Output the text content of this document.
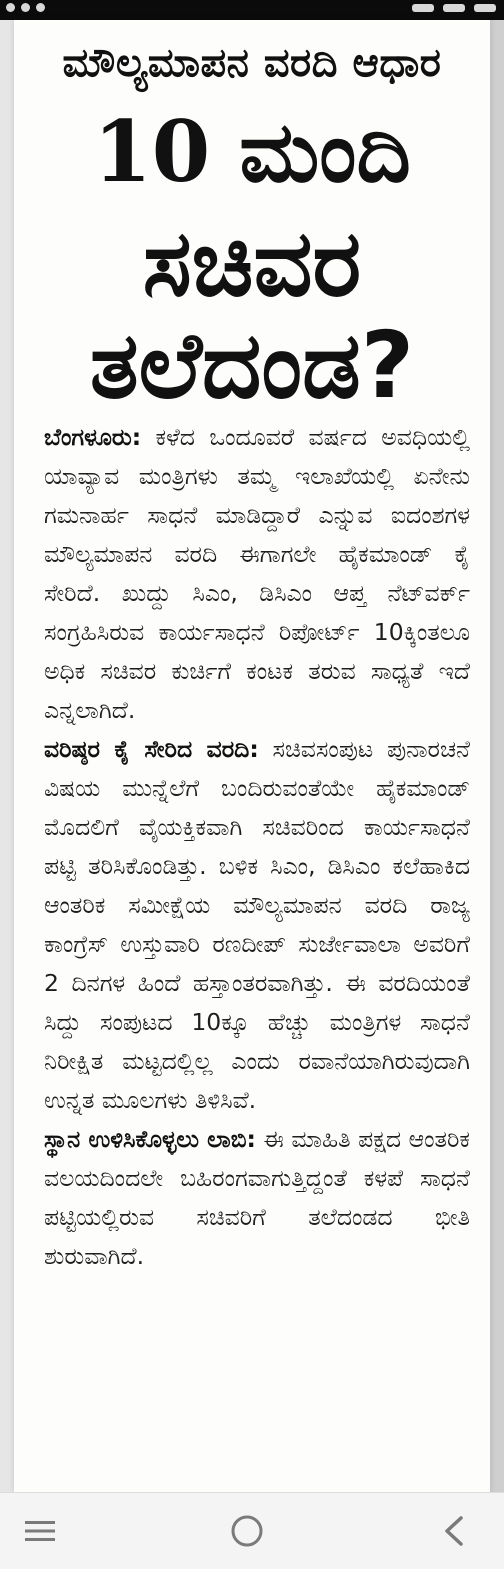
ಮೌಲ್ಯಮಾಪನ ವರದಿ ಆಧಾರ
10 ಮಂದಿ
ಸಚಿವರ
ತಲೆದಂಡ?

ಬೆಂಗಳೂರು: ಕಳೆದ ಒಂದೂವರೆ ವರ್ಷದ ಅವಧಿಯಲ್ಲಿ ಯಾವ್ಯಾವ ಮಂತ್ರಿಗಳು ತಮ್ಮ ಇಲಾಖೆಯಲ್ಲಿ ಏನೇನು ಗಮನಾರ್ಹ ಸಾಧನೆ ಮಾಡಿದ್ದಾರೆ ಎನ್ನುವ ಐದಂಶಗಳ ಮೌಲ್ಯಮಾಪನ ವರದಿ ಈಗಾಗಲೇ ಹೈಕಮಾಂಡ್ ಕೈ ಸೇರಿದೆ. ಖುದ್ದು ಸಿಎಂ, ಡಿಸಿಎಂ ಆಪ್ತ ನೆಟ್‌ವರ್ಕ್ ಸಂಗ್ರಹಿಸಿರುವ ಕಾರ್ಯಸಾಧನೆ ರಿಪೋರ್ಟ್ 10ಕ್ಕಿಂತಲೂ ಅಧಿಕ ಸಚಿವರ ಕುರ್ಚಿಗೆ ಕಂಟಕ ತರುವ ಸಾಧ್ಯತೆ ಇದೆ ಎನ್ನಲಾಗಿದೆ.

ವರಿಷ್ಠರ ಕೈ ಸೇರಿದ ವರದಿ: ಸಚಿವಸಂಪುಟ ಪುನಾರಚನೆ ವಿಷಯ ಮುನ್ನೆಲೆಗೆ ಬಂದಿರುವಂತೆಯೇ ಹೈಕಮಾಂಡ್ ಮೊದಲಿಗೆ ವೈಯಕ್ತಿಕವಾಗಿ ಸಚಿವರಿಂದ ಕಾರ್ಯಸಾಧನೆ ಪಟ್ಟಿ ತರಿಸಿಕೊಂಡಿತ್ತು. ಬಳಿಕ ಸಿಎಂ, ಡಿಸಿಎಂ ಕಲೆಹಾಕಿದ ಆಂತರಿಕ ಸಮೀಕ್ಷೆಯ ಮೌಲ್ಯಮಾಪನ ವರದಿ ರಾಜ್ಯ ಕಾಂಗ್ರೆಸ್ ಉಸ್ತುವಾರಿ ರಣದೀಪ್ ಸುರ್ಜೇವಾಲಾ ಅವರಿಗೆ 2 ದಿನಗಳ ಹಿಂದೆ ಹಸ್ತಾಂತರವಾಗಿತ್ತು. ಈ ವರದಿಯಂತೆ ಸಿದ್ದು ಸಂಪುಟದ 10ಕ್ಕೂ ಹೆಚ್ಚು ಮಂತ್ರಿಗಳ ಸಾಧನೆ ನಿರೀಕ್ಷಿತ ಮಟ್ಟದಲ್ಲಿಲ್ಲ ಎಂದು ರವಾನೆಯಾಗಿರುವುದಾಗಿ ಉನ್ನತ ಮೂಲಗಳು ತಿಳಿಸಿವೆ.

ಸ್ಥಾನ ಉಳಿಸಿಕೊಳ್ಳಲು ಲಾಬಿ: ಈ ಮಾಹಿತಿ ಪಕ್ಷದ ಆಂತರಿಕ ವಲಯದಿಂದಲೇ ಬಹಿರಂಗವಾಗುತ್ತಿದ್ದಂತೆ ಕಳಪೆ ಸಾಧನೆ ಪಟ್ಟಿಯಲ್ಲಿರುವ ಸಚಿವರಿಗೆ ತಲೆದಂಡದ ಭೀತಿ ಶುರುವಾಗಿದೆ.
